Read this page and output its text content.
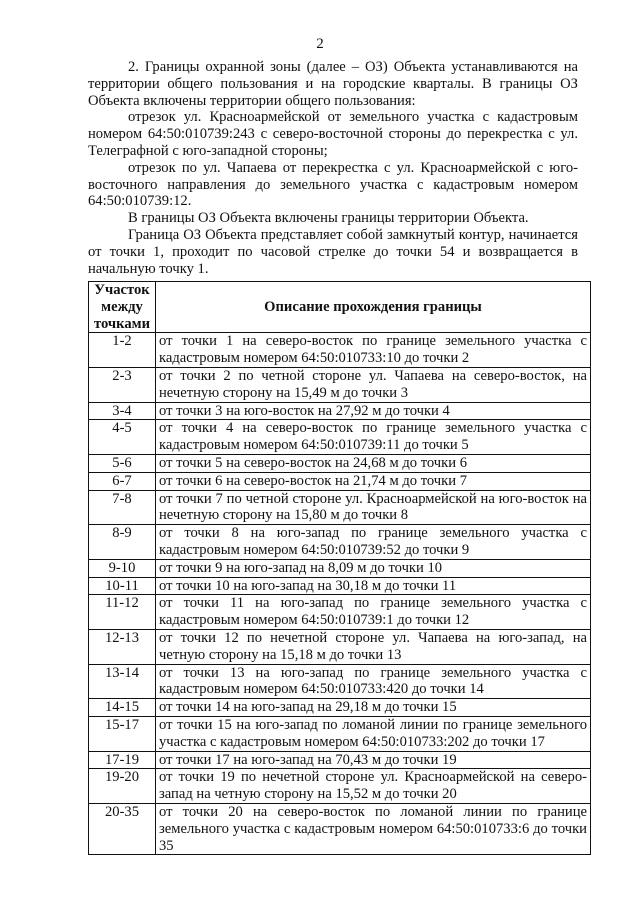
2

2. Границы охранной зоны (далее – ОЗ) Объекта устанавливаются на территории общего пользования и на городские кварталы. В границы ОЗ Объекта включены территории общего пользования:

отрезок ул. Красноармейской от земельного участка с кадастровым номером 64:50:010739:243 с северо-восточной стороны до перекрестка с ул. Телеграфной с юго-западной стороны;

отрезок по ул. Чапаева от перекрестка с ул. Красноармейской с юго-восточного направления до земельного участка с кадастровым номером 64:50:010739:12.

В границы ОЗ Объекта включены границы территории Объекта.

Граница ОЗ Объекта представляет собой замкнутый контур, начинается от точки 1, проходит по часовой стрелке до точки 54 и возвращается в начальную точку 1.

Участок между точками	Описание прохождения границы
1-2	от точки 1 на северо-восток по границе земельного участка с кадастровым номером 64:50:010733:10 до точки 2
2-3	от точки 2 по четной стороне ул. Чапаева на северо-восток, на нечетную сторону на 15,49 м до точки 3
3-4	от точки 3 на юго-восток на 27,92 м до точки 4
4-5	от точки 4 на северо-восток по границе земельного участка с кадастровым номером 64:50:010739:11 до точки 5
5-6	от точки 5 на северо-восток на 24,68 м до точки 6
6-7	от точки 6 на северо-восток на 21,74 м до точки 7
7-8	от точки 7 по четной стороне ул. Красноармейской на юго-восток на нечетную сторону на 15,80 м до точки 8
8-9	от точки 8 на юго-запад по границе земельного участка с кадастровым номером 64:50:010739:52 до точки 9
9-10	от точки 9 на юго-запад на 8,09 м до точки 10
10-11	от точки 10 на юго-запад на 30,18 м до точки 11
11-12	от точки 11 на юго-запад по границе земельного участка с кадастровым номером 64:50:010739:1 до точки 12
12-13	от точки 12 по нечетной стороне ул. Чапаева на юго-запад, на четную сторону на 15,18 м до точки 13
13-14	от точки 13 на юго-запад по границе земельного участка с кадастровым номером 64:50:010733:420 до точки 14
14-15	от точки 14 на юго-запад на 29,18 м до точки 15
15-17	от точки 15 на юго-запад по ломаной линии по границе земельного участка с кадастровым номером 64:50:010733:202 до точки 17
17-19	от точки 17 на юго-запад на 70,43 м до точки 19
19-20	от точки 19 по нечетной стороне ул. Красноармейской на северо-запад на четную сторону на 15,52 м до точки 20
20-35	от точки 20 на северо-восток по ломаной линии по границе земельного участка с кадастровым номером 64:50:010733:6 до точки 35
